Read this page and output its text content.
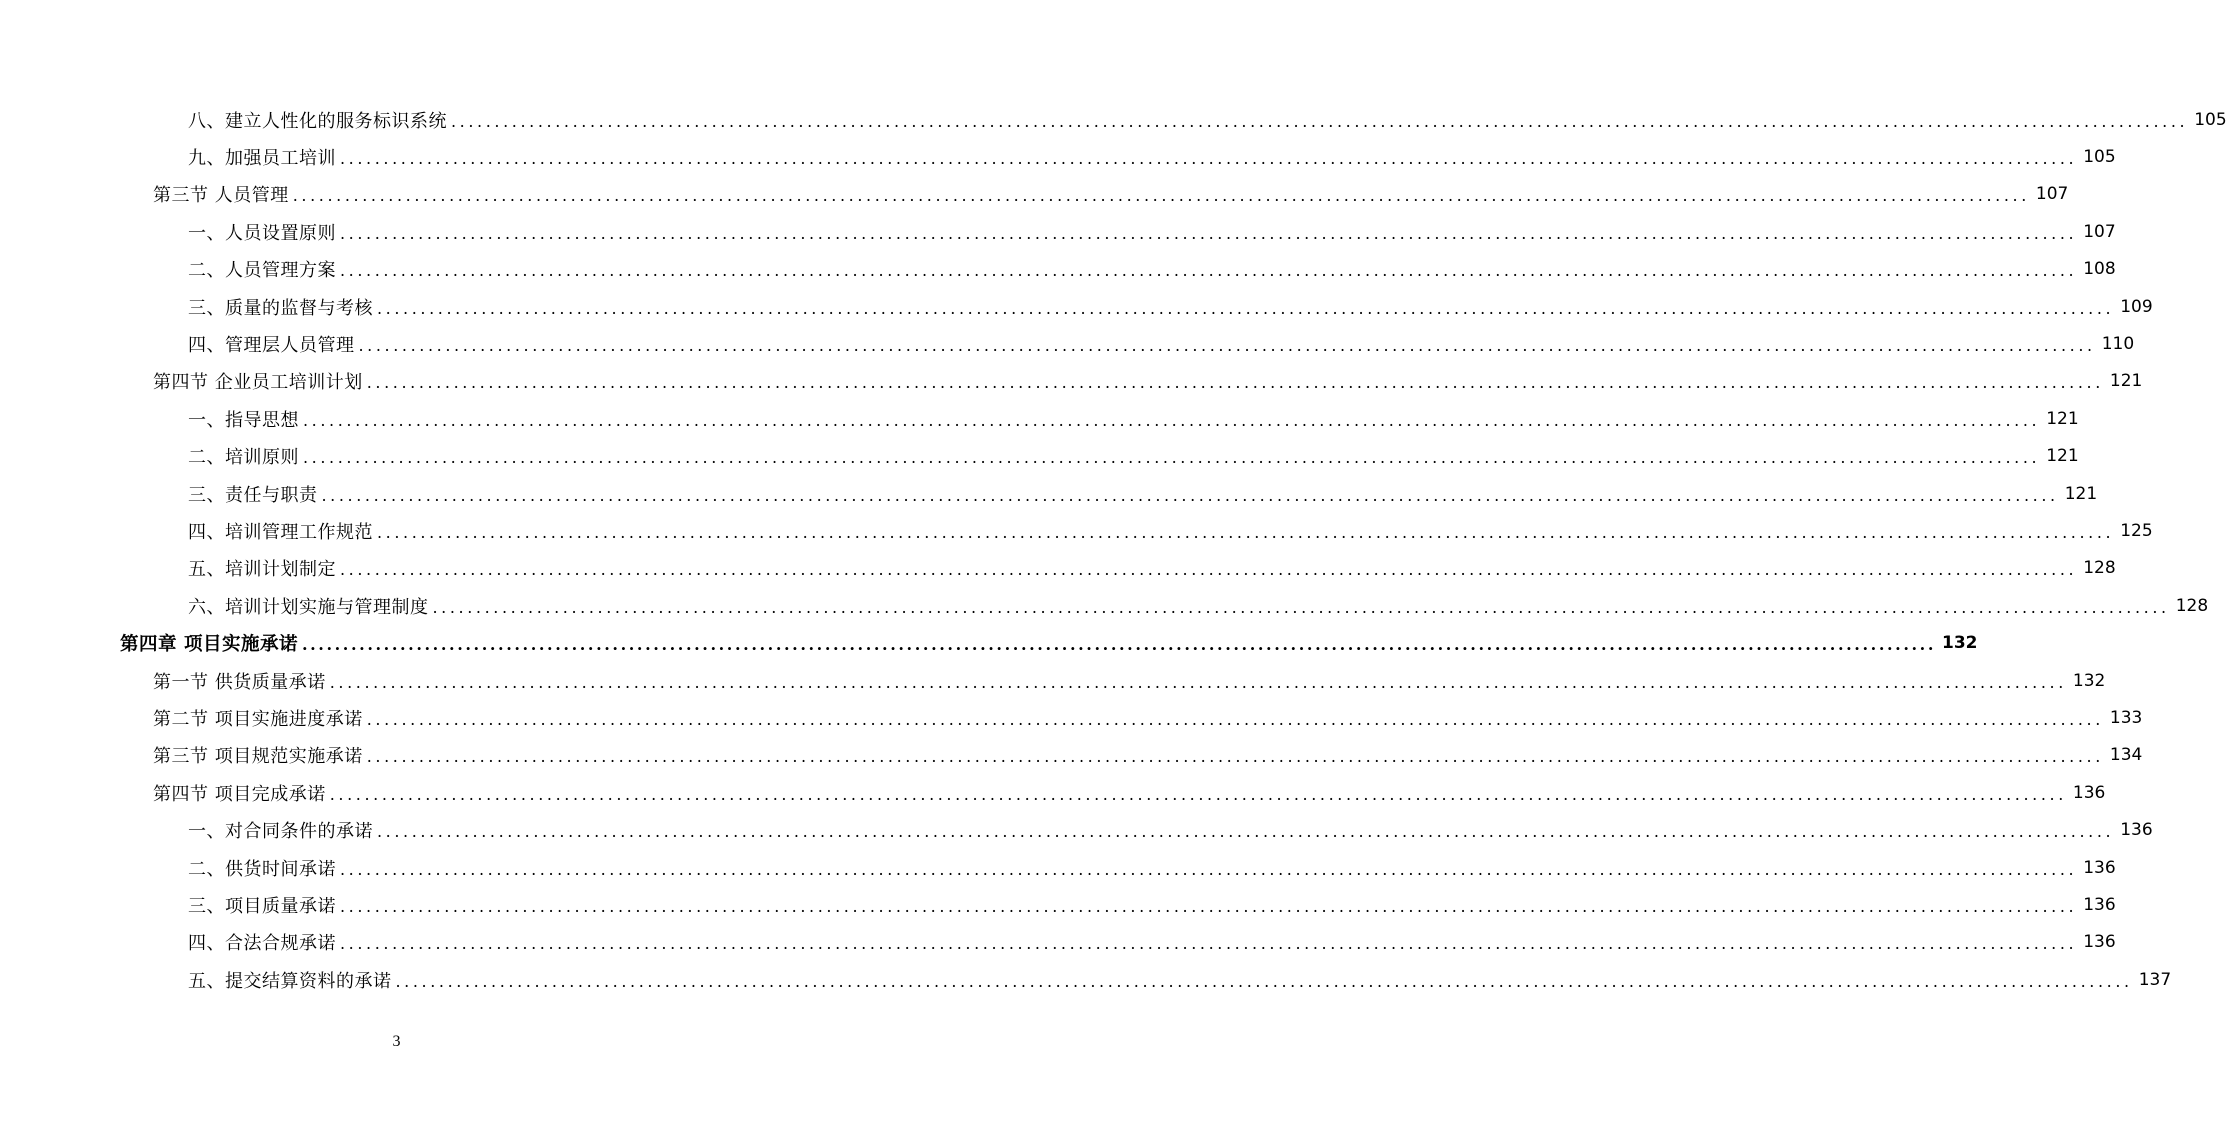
八、建立人性化的服务标识系统 ........................................................................................................................................................................................................ 105
九、加强员工培训 ........................................................................................................................................................................................................ 105
第三节 人员管理 ........................................................................................................................................................................................................ 107
一、人员设置原则 ........................................................................................................................................................................................................ 107
二、人员管理方案 ........................................................................................................................................................................................................ 108
三、质量的监督与考核 ........................................................................................................................................................................................................ 109
四、管理层人员管理 ........................................................................................................................................................................................................ 110
第四节 企业员工培训计划 ........................................................................................................................................................................................................ 121
一、指导思想 ........................................................................................................................................................................................................ 121
二、培训原则 ........................................................................................................................................................................................................ 121
三、责任与职责 ........................................................................................................................................................................................................ 121
四、培训管理工作规范 ........................................................................................................................................................................................................ 125
五、培训计划制定 ........................................................................................................................................................................................................ 128
六、培训计划实施与管理制度 ........................................................................................................................................................................................................ 128
第四章 项目实施承诺 ........................................................................................................................................................................................................ 132
第一节 供货质量承诺 ........................................................................................................................................................................................................ 132
第二节 项目实施进度承诺 ........................................................................................................................................................................................................ 133
第三节 项目规范实施承诺 ........................................................................................................................................................................................................ 134
第四节 项目完成承诺 ........................................................................................................................................................................................................ 136
一、对合同条件的承诺 ........................................................................................................................................................................................................ 136
二、供货时间承诺 ........................................................................................................................................................................................................ 136
三、项目质量承诺 ........................................................................................................................................................................................................ 136
四、合法合规承诺 ........................................................................................................................................................................................................ 136
五、提交结算资料的承诺 ........................................................................................................................................................................................................ 137
3
